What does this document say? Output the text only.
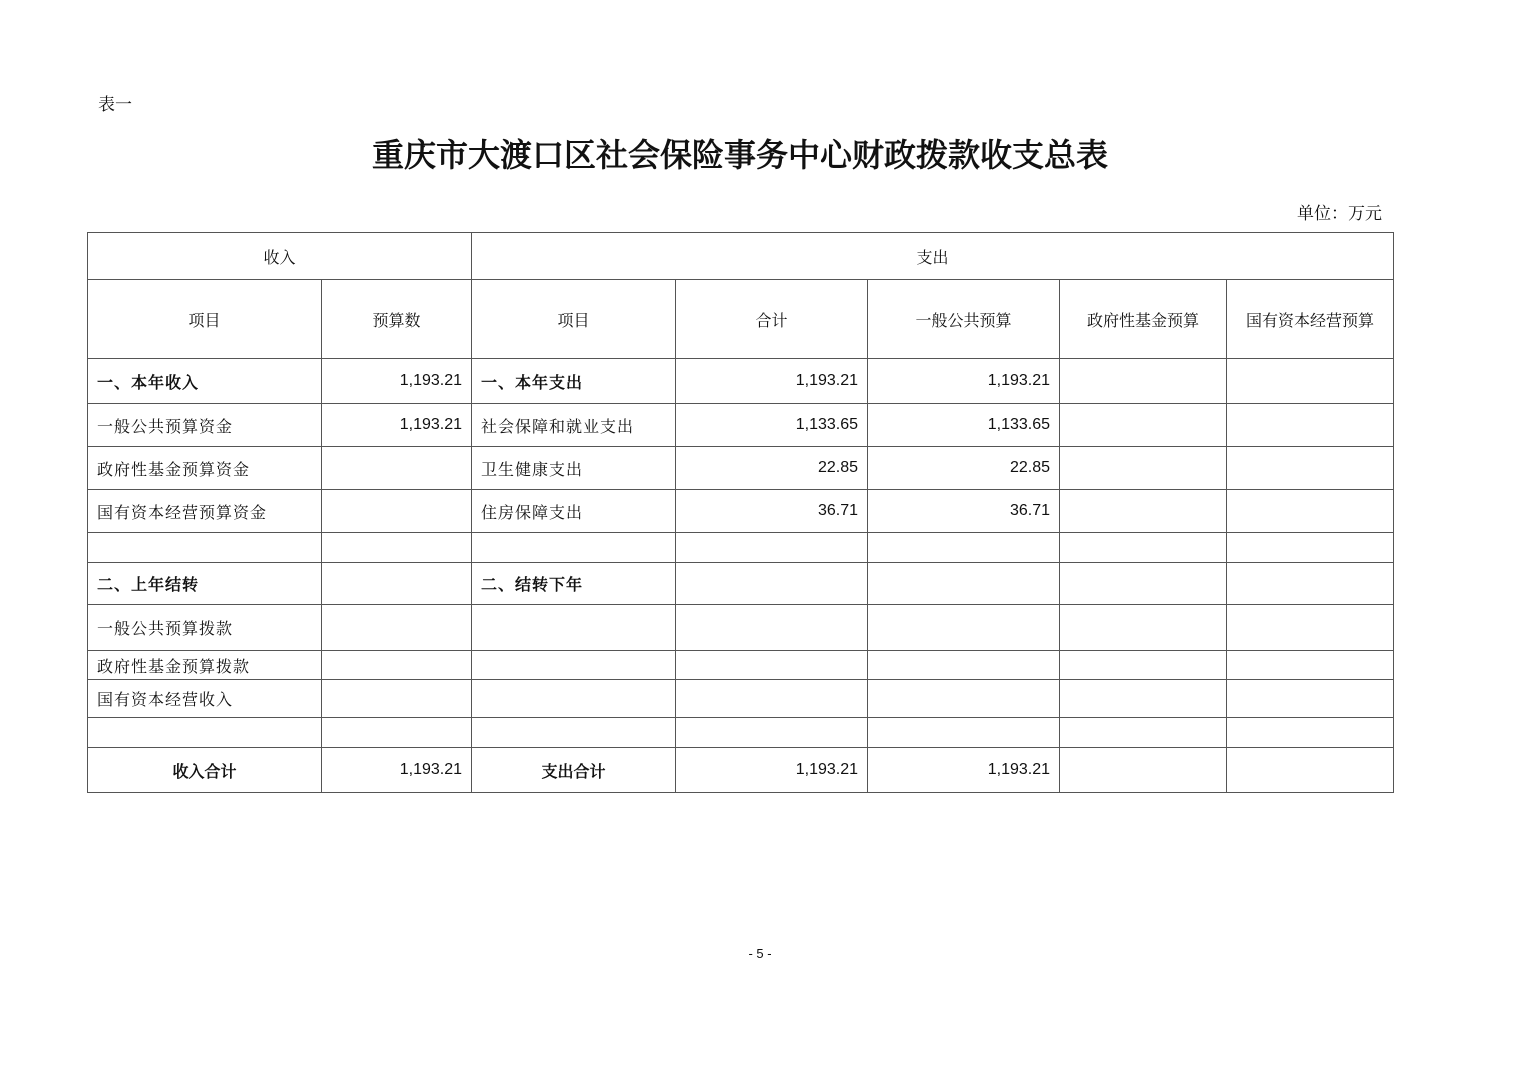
表一
重庆市大渡口区社会保险事务中心财政拨款收支总表
单位：万元
收入		支出				
项目	预算数	项目	合计	一般公共预算	政府性基金预算	国有资本经营预算
一、本年收入	1,193.21	一、本年支出	1,193.21	1,193.21		
一般公共预算资金	1,193.21	社会保障和就业支出	1,133.65	1,133.65		
政府性基金预算资金		卫生健康支出	22.85	22.85		
国有资本经营预算资金		住房保障支出	36.71	36.71		

二、上年结转		二、结转下年				
一般公共预算拨款						
政府性基金预算拨款						
国有资本经营收入						

收入合计	1,193.21	支出合计	1,193.21	1,193.21		
- 5 -
